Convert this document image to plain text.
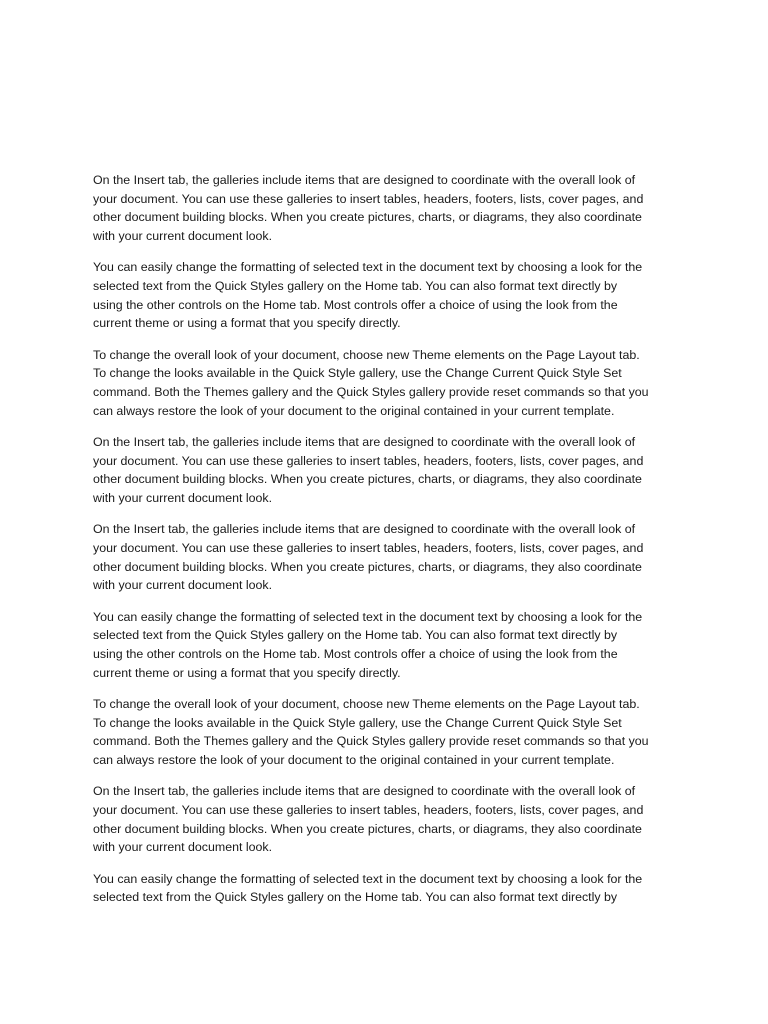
On the Insert tab, the galleries include items that are designed to coordinate with the overall look of
your document. You can use these galleries to insert tables, headers, footers, lists, cover pages, and
other document building blocks. When you create pictures, charts, or diagrams, they also coordinate
with your current document look.

You can easily change the formatting of selected text in the document text by choosing a look for the
selected text from the Quick Styles gallery on the Home tab. You can also format text directly by
using the other controls on the Home tab. Most controls offer a choice of using the look from the
current theme or using a format that you specify directly.

To change the overall look of your document, choose new Theme elements on the Page Layout tab.
To change the looks available in the Quick Style gallery, use the Change Current Quick Style Set
command. Both the Themes gallery and the Quick Styles gallery provide reset commands so that you
can always restore the look of your document to the original contained in your current template.

On the Insert tab, the galleries include items that are designed to coordinate with the overall look of
your document. You can use these galleries to insert tables, headers, footers, lists, cover pages, and
other document building blocks. When you create pictures, charts, or diagrams, they also coordinate
with your current document look.

On the Insert tab, the galleries include items that are designed to coordinate with the overall look of
your document. You can use these galleries to insert tables, headers, footers, lists, cover pages, and
other document building blocks. When you create pictures, charts, or diagrams, they also coordinate
with your current document look.

You can easily change the formatting of selected text in the document text by choosing a look for the
selected text from the Quick Styles gallery on the Home tab. You can also format text directly by
using the other controls on the Home tab. Most controls offer a choice of using the look from the
current theme or using a format that you specify directly.

To change the overall look of your document, choose new Theme elements on the Page Layout tab.
To change the looks available in the Quick Style gallery, use the Change Current Quick Style Set
command. Both the Themes gallery and the Quick Styles gallery provide reset commands so that you
can always restore the look of your document to the original contained in your current template.

On the Insert tab, the galleries include items that are designed to coordinate with the overall look of
your document. You can use these galleries to insert tables, headers, footers, lists, cover pages, and
other document building blocks. When you create pictures, charts, or diagrams, they also coordinate
with your current document look.

You can easily change the formatting of selected text in the document text by choosing a look for the
selected text from the Quick Styles gallery on the Home tab. You can also format text directly by
